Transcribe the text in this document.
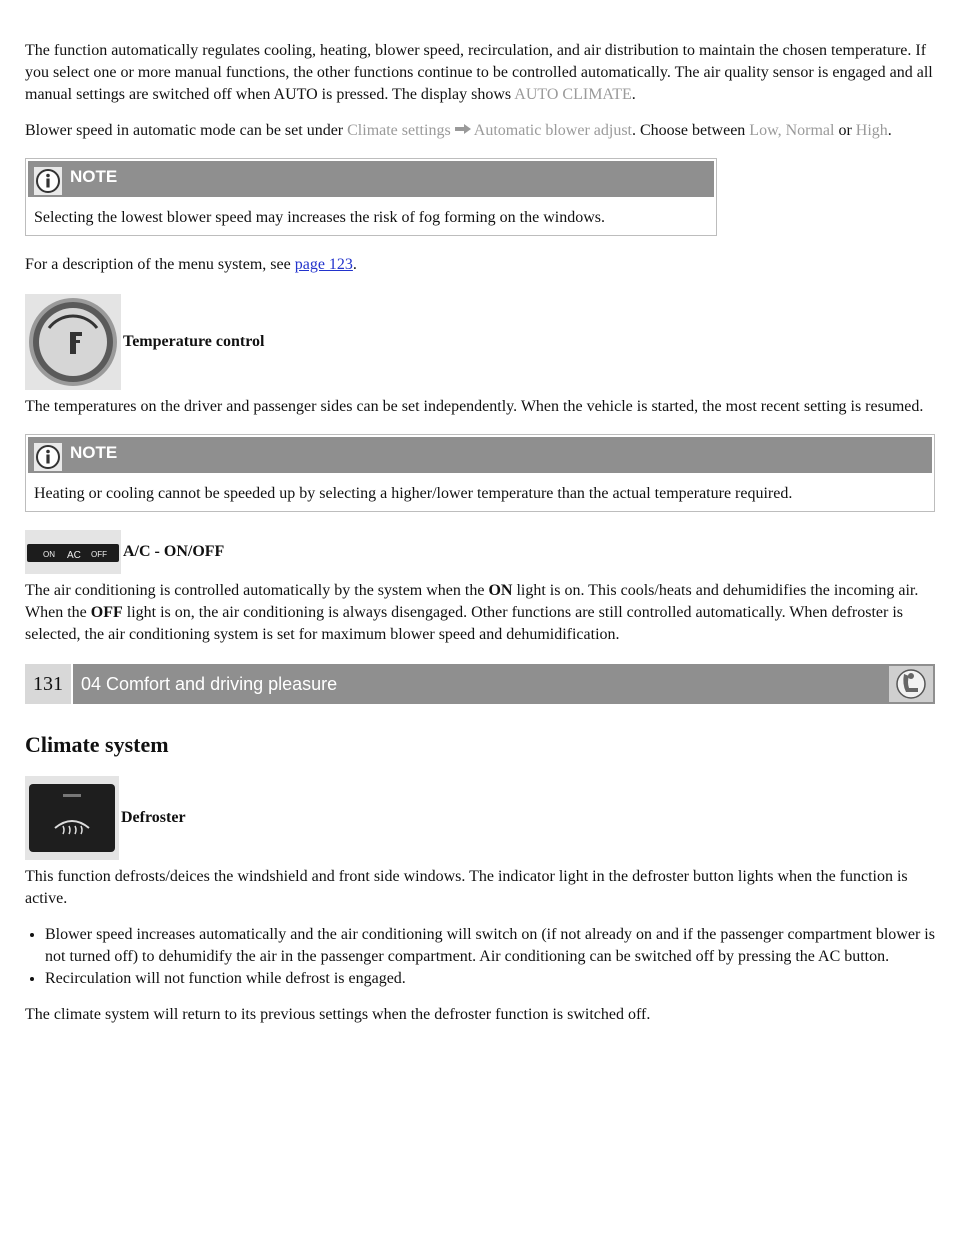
The function automatically regulates cooling, heating, blower speed, recirculation, and air distribution to maintain the chosen temperature. If you select one or more manual functions, the other functions continue to be controlled automatically. The air quality sensor is engaged and all manual settings are switched off when AUTO is pressed. The display shows AUTO CLIMATE.

Blower speed in automatic mode can be set under Climate settings Automatic blower adjust. Choose between Low, Normal or High.

NOTE
Selecting the lowest blower speed may increases the risk of fog forming on the windows.

For a description of the menu system, see page 123.

Temperature control

The temperatures on the driver and passenger sides can be set independently. When the vehicle is started, the most recent setting is resumed.

NOTE
Heating or cooling cannot be speeded up by selecting a higher/lower temperature than the actual temperature required.
ON AC OFF A/C - ON/OFF

The air conditioning is controlled automatically by the system when the ON light is on. This cools/heats and dehumidifies the incoming air. When the OFF light is on, the air conditioning is always disengaged. Other functions are still controlled automatically. When defroster is selected, the air conditioning system is set for maximum blower speed and dehumidification.

131	04 Comfort and driving pleasure
Climate system
Defroster

This function defrosts/deices the windshield and front side windows. The indicator light in the defroster button lights when the function is active.

• Blower speed increases automatically and the air conditioning will switch on (if not already on and if the passenger compartment blower is not turned off) to dehumidify the air in the passenger compartment. Air conditioning can be switched off by pressing the AC button.
• Recirculation will not function while defrost is engaged.

The climate system will return to its previous settings when the defroster function is switched off.
